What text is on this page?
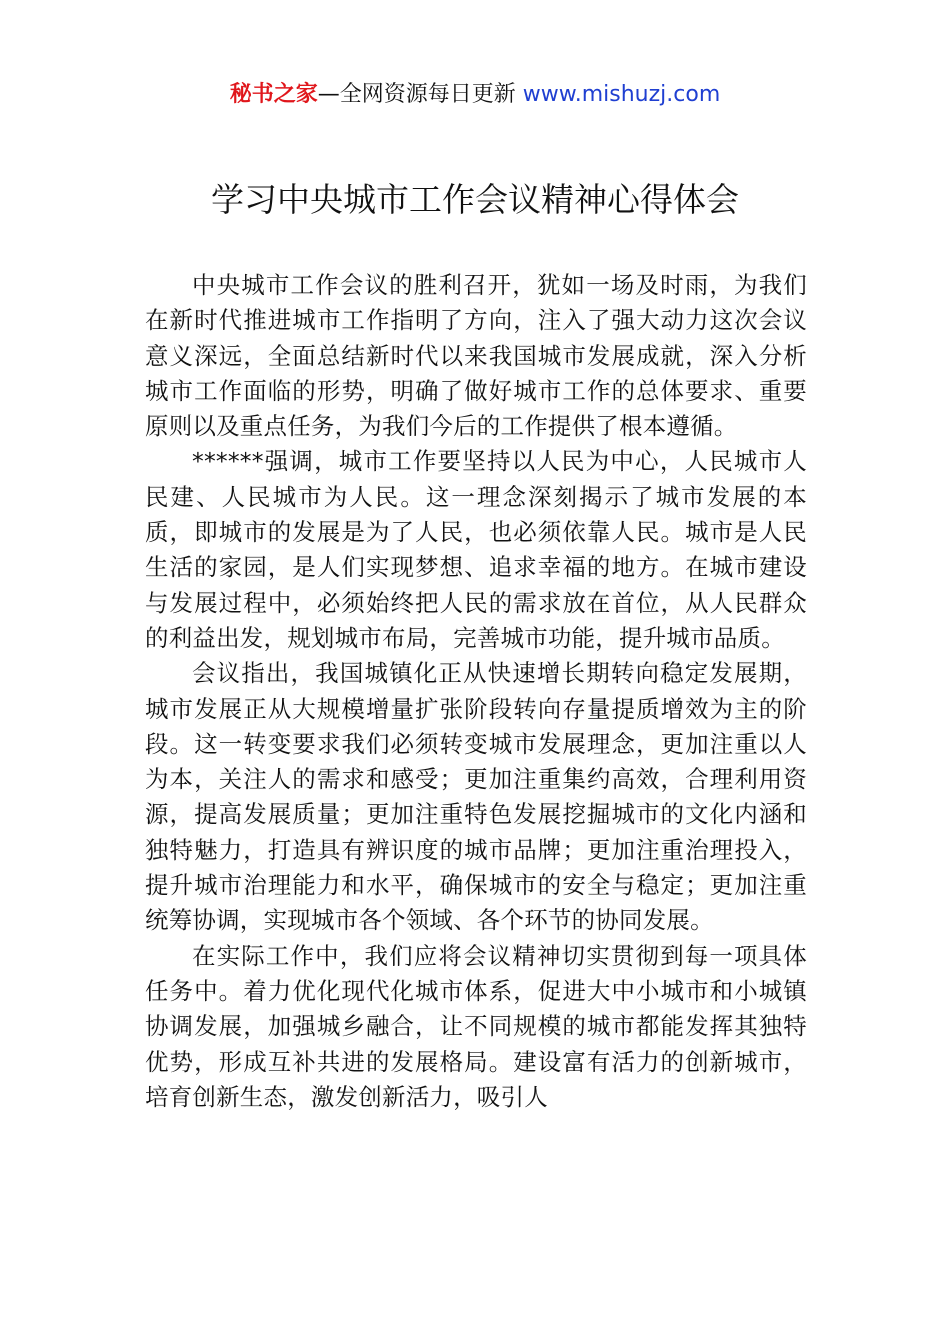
秘书之家—全网资源每日更新 www.mishuzj.com
学习中央城市工作会议精神心得体会

中央城市工作会议的胜利召开，犹如一场及时雨，为我们在新时代推进城市工作指明了方向，注入了强大动力这次会议意义深远，全面总结新时代以来我国城市发展成就，深入分析城市工作面临的形势，明确了做好城市工作的总体要求、重要原则以及重点任务，为我们今后的工作提供了根本遵循。

******强调，城市工作要坚持以人民为中心，人民城市人民建、人民城市为人民。这一理念深刻揭示了城市发展的本质，即城市的发展是为了人民，也必须依靠人民。城市是人民生活的家园，是人们实现梦想、追求幸福的地方。在城市建设与发展过程中，必须始终把人民的需求放在首位，从人民群众的利益出发，规划城市布局，完善城市功能，提升城市品质。

会议指出，我国城镇化正从快速增长期转向稳定发展期，城市发展正从大规模增量扩张阶段转向存量提质增效为主的阶段。这一转变要求我们必须转变城市发展理念，更加注重以人为本，关注人的需求和感受；更加注重集约高效，合理利用资源，提高发展质量；更加注重特色发展挖掘城市的文化内涵和独特魅力，打造具有辨识度的城市品牌；更加注重治理投入，提升城市治理能力和水平，确保城市的安全与稳定；更加注重统筹协调，实现城市各个领域、各个环节的协同发展。

在实际工作中，我们应将会议精神切实贯彻到每一项具体任务中。着力优化现代化城市体系，促进大中小城市和小城镇协调发展，加强城乡融合，让不同规模的城市都能发挥其独特优势，形成互补共进的发展格局。建设富有活力的创新城市，培育创新生态，激发创新活力，吸引人
